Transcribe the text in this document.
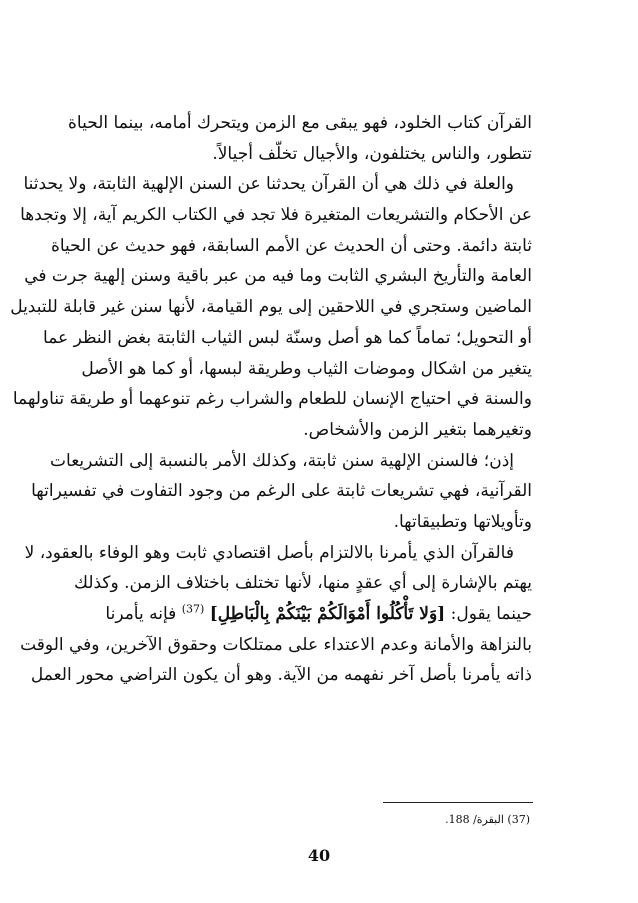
القرآن كتاب الخلود، فهو يبقى مع الزمن ويتحرك أمامه، بينما الحياة
تتطور، والناس يختلفون، والأجيال تخلّف أجيالاً.
والعلة في ذلك هي أن القرآن يحدثنا عن السنن الإلهية الثابتة، ولا يحدثنا
عن الأحكام والتشريعات المتغيرة فلا تجد في الكتاب الكريم آية، إلا وتجدها
ثابتة دائمة. وحتى أن الحديث عن الأمم السابقة، فهو حديث عن الحياة
العامة والتأريخ البشري الثابت وما فيه من عبر باقية وسنن إلهية جرت في
الماضين وستجري في اللاحقين إلى يوم القيامة، لأنها سنن غير قابلة للتبديل
أو التحويل؛ تماماً كما هو أصل وسنّة لبس الثياب الثابتة بغض النظر عما
يتغير من اشكال وموضات الثياب وطريقة لبسها، أو كما هو الأصل
والسنة في احتياج الإنسان للطعام والشراب رغم تنوعهما أو طريقة تناولهما
وتغيرهما بتغير الزمن والأشخاص.
إذن؛ فالسنن الإلهية سنن ثابتة، وكذلك الأمر بالنسبة إلى التشريعات
القرآنية، فهي تشريعات ثابتة على الرغم من وجود التفاوت في تفسيراتها
وتأويلاتها وتطبيقاتها.
فالقرآن الذي يأمرنا بالالتزام بأصل اقتصادي ثابت وهو الوفاء بالعقود، لا
يهتم بالإشارة إلى أي عقدٍ منها، لأنها تختلف باختلاف الزمن. وكذلك
حينما يقول: [وَلا تَأْكُلُوا أَمْوَالَكُمْ بَيْنَكُمْ بِالْبَاطِلِ] $^{(37)}$ فإنه يأمرنا
بالنزاهة والأمانة وعدم الاعتداء على ممتلكات وحقوق الآخرين، وفي الوقت
ذاته يأمرنا بأصل آخر نفهمه من الآية. وهو أن يكون التراضي محور العمل
(37) البقرة/ 188.
40
